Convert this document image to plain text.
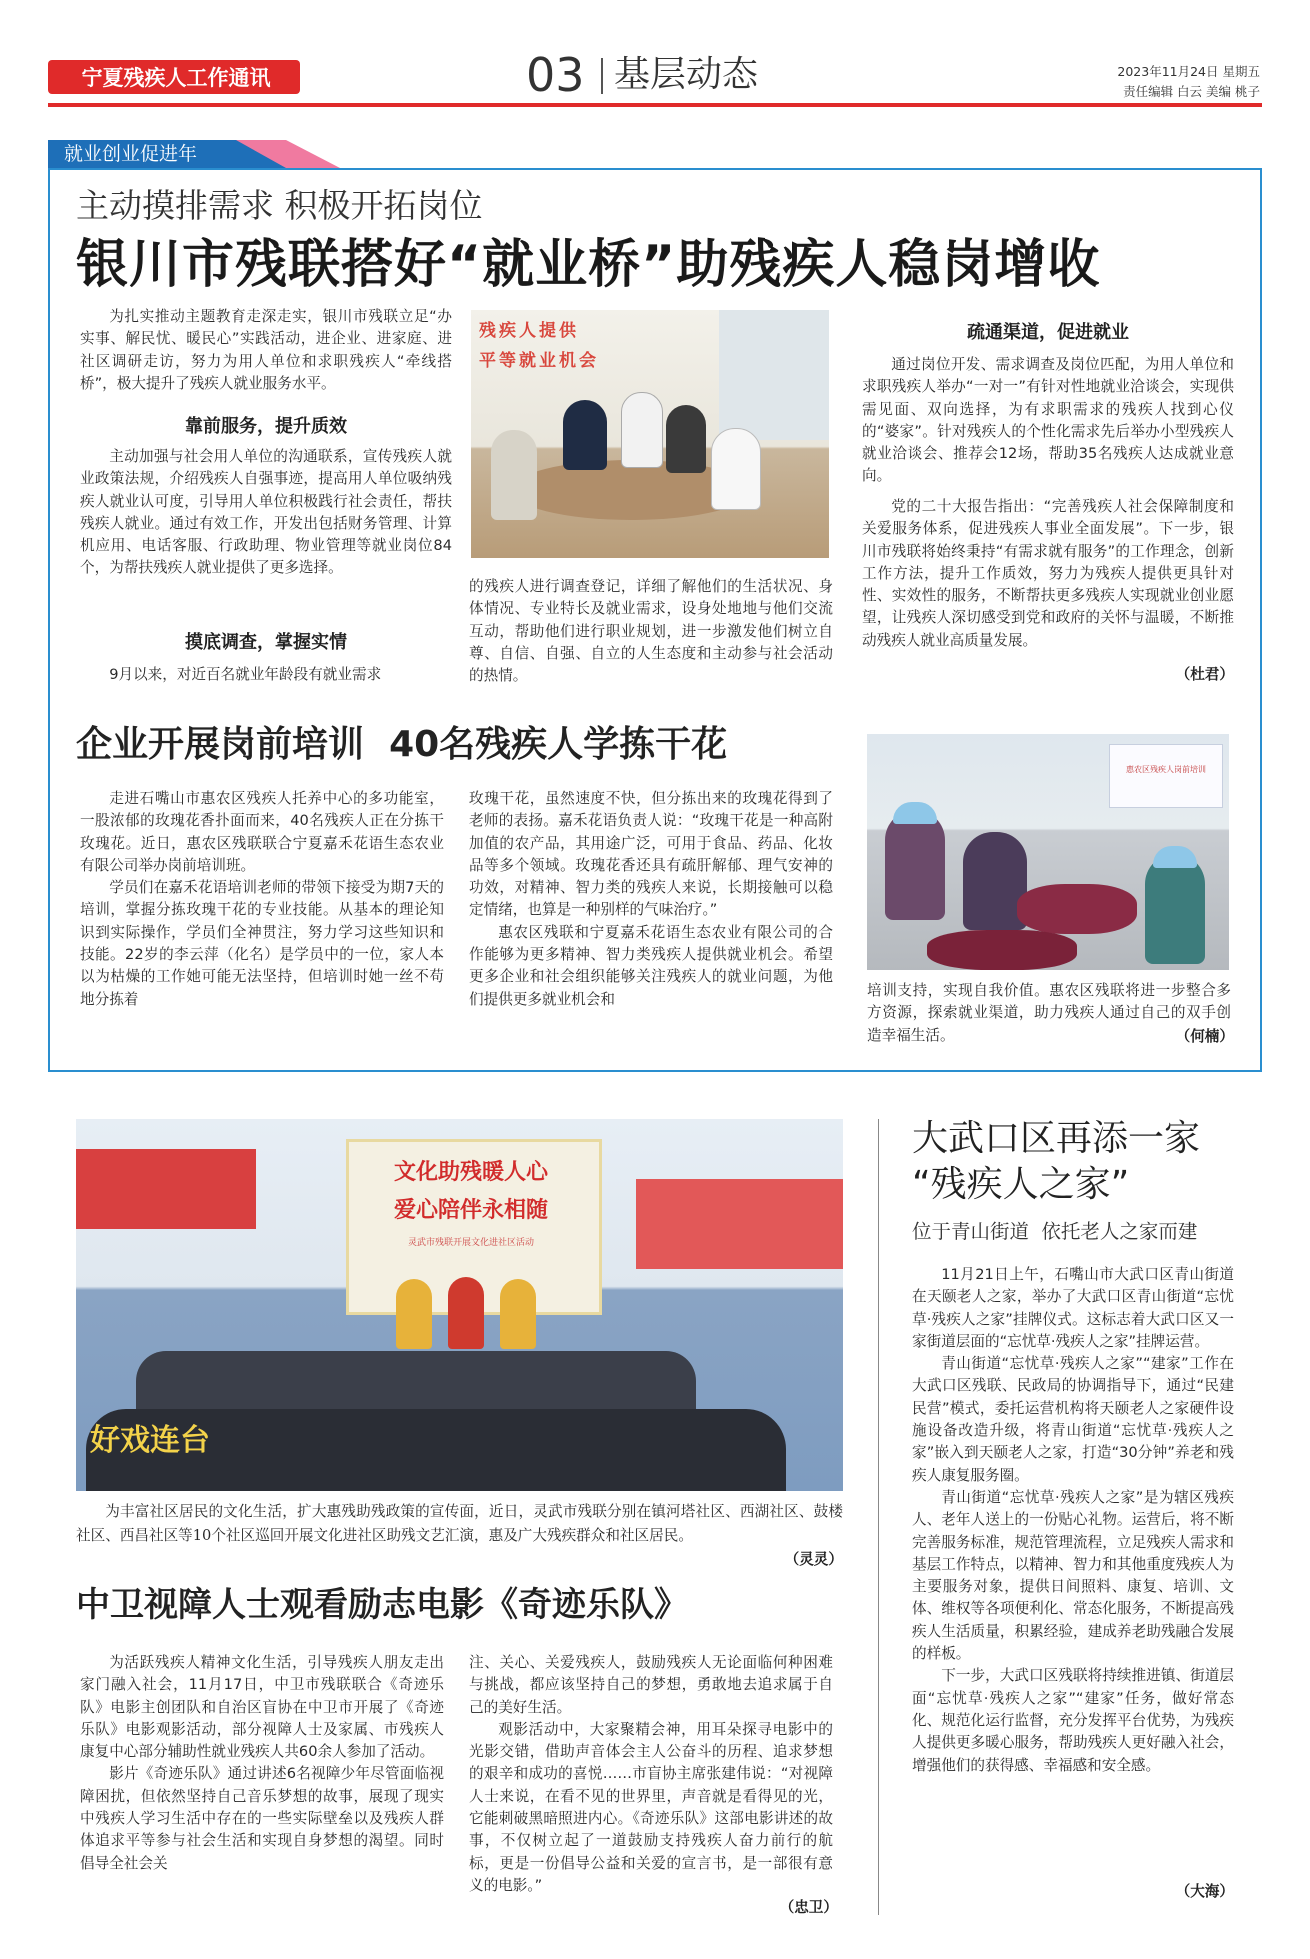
宁夏残疾人工作通讯	03 基层动态	2023年11月24日 星期五
责任编辑 白云 美编 桃子
就业创业促进年
主动摸排需求 积极开拓岗位
银川市残联搭好“就业桥”助残疾人稳岗增收
为扎实推动主题教育走深走实，银川市残联立足“办实事、解民忧、暖民心”实践活动，进企业、进家庭、进社区调研走访，努力为用人单位和求职残疾人“牵线搭桥”，极大提升了残疾人就业服务水平。
靠前服务，提升质效
主动加强与社会用人单位的沟通联系，宣传残疾人就业政策法规，介绍残疾人自强事迹，提高用人单位吸纳残疾人就业认可度，引导用人单位积极践行社会责任，帮扶残疾人就业。通过有效工作，开发出包括财务管理、计算机应用、电话客服、行政助理、物业管理等就业岗位84个，为帮扶残疾人就业提供了更多选择。
摸底调查，掌握实情
9月以来，对近百名就业年龄段有就业需求
残疾人提供
平等就业机会
的残疾人进行调查登记，详细了解他们的生活状况、身体情况、专业特长及就业需求，设身处地地与他们交流互动，帮助他们进行职业规划，进一步激发他们树立自尊、自信、自强、自立的人生态度和主动参与社会活动的热情。
疏通渠道，促进就业
通过岗位开发、需求调查及岗位匹配，为用人单位和求职残疾人举办“一对一”有针对性地就业洽谈会，实现供需见面、双向选择，为有求职需求的残疾人找到心仪的“婆家”。针对残疾人的个性化需求先后举办小型残疾人就业洽谈会、推荐会12场，帮助35名残疾人达成就业意向。
党的二十大报告指出：“完善残疾人社会保障制度和关爱服务体系，促进残疾人事业全面发展”。下一步，银川市残联将始终秉持“有需求就有服务”的工作理念，创新工作方法，提升工作质效，努力为残疾人提供更具针对性、实效性的服务，不断帮扶更多残疾人实现就业创业愿望，让残疾人深切感受到党和政府的关怀与温暖，不断推动残疾人就业高质量发展。
（杜君）
企业开展岗前培训  40名残疾人学拣干花
走进石嘴山市惠农区残疾人托养中心的多功能室，一股浓郁的玫瑰花香扑面而来，40名残疾人正在分拣干玫瑰花。近日，惠农区残联联合宁夏嘉禾花语生态农业有限公司举办岗前培训班。
学员们在嘉禾花语培训老师的带领下接受为期7天的培训，掌握分拣玫瑰干花的专业技能。从基本的理论知识到实际操作，学员们全神贯注，努力学习这些知识和技能。22岁的李云萍（化名）是学员中的一位，家人本以为枯燥的工作她可能无法坚持，但培训时她一丝不苟地分拣着
玫瑰干花，虽然速度不快，但分拣出来的玫瑰花得到了老师的表扬。嘉禾花语负责人说：“玫瑰干花是一种高附加值的农产品，其用途广泛，可用于食品、药品、化妆品等多个领域。玫瑰花香还具有疏肝解郁、理气安神的功效，对精神、智力类的残疾人来说，长期接触可以稳定情绪，也算是一种别样的气味治疗。”
惠农区残联和宁夏嘉禾花语生态农业有限公司的合作能够为更多精神、智力类残疾人提供就业机会。希望更多企业和社会组织能够关注残疾人的就业问题，为他们提供更多就业机会和
惠农区残疾人岗前培训
培训支持，实现自我价值。惠农区残联将进一步整合多方资源，探索就业渠道，助力残疾人通过自己的双手创造幸福生活。	（何楠）
文化助残暖人心
爱心陪伴永相随
灵武市残联开展文化进社区活动
好戏连台
为丰富社区居民的文化生活，扩大惠残助残政策的宣传面，近日，灵武市残联分别在镇河塔社区、西湖社区、鼓楼社区、西昌社区等10个社区巡回开展文化进社区助残文艺汇演，惠及广大残疾群众和社区居民。
（灵灵）
大武口区再添一家
“残疾人之家”
位于青山街道  依托老人之家而建
11月21日上午，石嘴山市大武口区青山街道在天颐老人之家，举办了大武口区青山街道“忘忧草·残疾人之家”挂牌仪式。这标志着大武口区又一家街道层面的“忘忧草·残疾人之家”挂牌运营。
青山街道“忘忧草·残疾人之家”“建家”工作在大武口区残联、民政局的协调指导下，通过“民建民营”模式，委托运营机构将天颐老人之家硬件设施设备改造升级，将青山街道“忘忧草·残疾人之家”嵌入到天颐老人之家，打造“30分钟”养老和残疾人康复服务圈。
青山街道“忘忧草·残疾人之家”是为辖区残疾人、老年人送上的一份贴心礼物。运营后，将不断完善服务标准，规范管理流程，立足残疾人需求和基层工作特点，以精神、智力和其他重度残疾人为主要服务对象，提供日间照料、康复、培训、文体、维权等各项便利化、常态化服务，不断提高残疾人生活质量，积累经验，建成养老助残融合发展的样板。
下一步，大武口区残联将持续推进镇、街道层面“忘忧草·残疾人之家”“建家”任务，做好常态化、规范化运行监督，充分发挥平台优势，为残疾人提供更多暖心服务，帮助残疾人更好融入社会，增强他们的获得感、幸福感和安全感。
（大海）
中卫视障人士观看励志电影《奇迹乐队》
为活跃残疾人精神文化生活，引导残疾人朋友走出家门融入社会，11月17日，中卫市残联联合《奇迹乐队》电影主创团队和自治区盲协在中卫市开展了《奇迹乐队》电影观影活动，部分视障人士及家属、市残疾人康复中心部分辅助性就业残疾人共60余人参加了活动。
影片《奇迹乐队》通过讲述6名视障少年尽管面临视障困扰，但依然坚持自己音乐梦想的故事，展现了现实中残疾人学习生活中存在的一些实际壁垒以及残疾人群体追求平等参与社会生活和实现自身梦想的渴望。同时倡导全社会关
注、关心、关爱残疾人，鼓励残疾人无论面临何种困难与挑战，都应该坚持自己的梦想，勇敢地去追求属于自己的美好生活。
观影活动中，大家聚精会神，用耳朵探寻电影中的光影交错，借助声音体会主人公奋斗的历程、追求梦想的艰辛和成功的喜悦……市盲协主席张建伟说：“对视障人士来说，在看不见的世界里，声音就是看得见的光，它能刺破黑暗照进内心。《奇迹乐队》这部电影讲述的故事，不仅树立起了一道鼓励支持残疾人奋力前行的航标，更是一份倡导公益和关爱的宣言书，是一部很有意义的电影。”
（忠卫）
